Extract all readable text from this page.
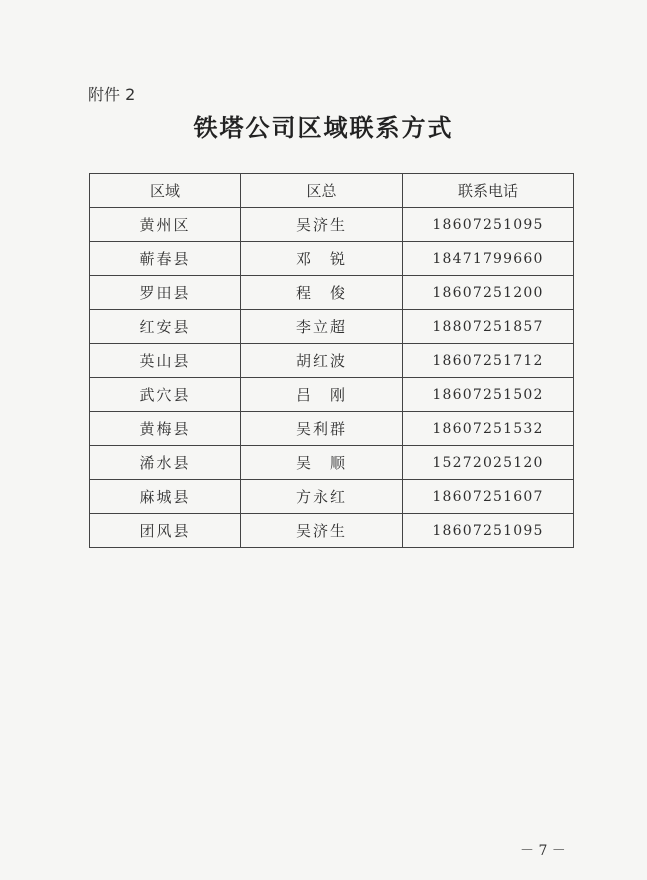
附件 2
铁塔公司区域联系方式
区域	区总	联系电话
黄州区	吴济生	18607251095
蕲春县	邓　锐	18471799660
罗田县	程　俊	18607251200
红安县	李立超	18807251857
英山县	胡红波	18607251712
武穴县	吕　刚	18607251502
黄梅县	吴利群	18607251532
浠水县	吴　顺	15272025120
麻城县	方永红	18607251607
团风县	吴济生	18607251095
－ 7 －
